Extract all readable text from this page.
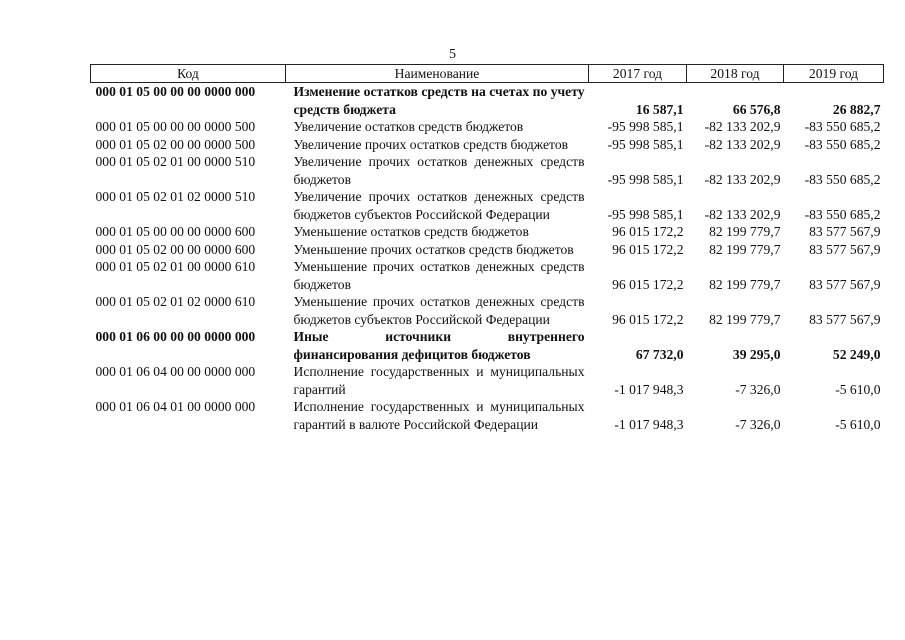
5
Код	Наименование	2017 год	2018 год	2019 год
000 01 05 00 00 00 0000 000	Изменение остатков средств на счетах по учету средств бюджета	16 587,1	66 576,8	26 882,7
000 01 05 00 00 00 0000 500	Увеличение остатков средств бюджетов	-95 998 585,1	-82 133 202,9	-83 550 685,2
000 01 05 02 00 00 0000 500	Увеличение прочих остатков средств бюджетов	-95 998 585,1	-82 133 202,9	-83 550 685,2
000 01 05 02 01 00 0000 510	Увеличение прочих остатков денежных средств бюджетов	-95 998 585,1	-82 133 202,9	-83 550 685,2
000 01 05 02 01 02 0000 510	Увеличение прочих остатков денежных средств бюджетов субъектов Российской Федерации	-95 998 585,1	-82 133 202,9	-83 550 685,2
000 01 05 00 00 00 0000 600	Уменьшение остатков средств бюджетов	96 015 172,2	82 199 779,7	83 577 567,9
000 01 05 02 00 00 0000 600	Уменьшение прочих остатков средств бюджетов	96 015 172,2	82 199 779,7	83 577 567,9
000 01 05 02 01 00 0000 610	Уменьшение прочих остатков денежных средств бюджетов	96 015 172,2	82 199 779,7	83 577 567,9
000 01 05 02 01 02 0000 610	Уменьшение прочих остатков денежных средств бюджетов субъектов Российской Федерации	96 015 172,2	82 199 779,7	83 577 567,9
000 01 06 00 00 00 0000 000	Иные источники внутреннего финансирования дефицитов бюджетов	67 732,0	39 295,0	52 249,0
000 01 06 04 00 00 0000 000	Исполнение государственных и муниципальных гарантий	-1 017 948,3	-7 326,0	-5 610,0
000 01 06 04 01 00 0000 000	Исполнение государственных и муниципальных гарантий в валюте Российской Федерации	-1 017 948,3	-7 326,0	-5 610,0
